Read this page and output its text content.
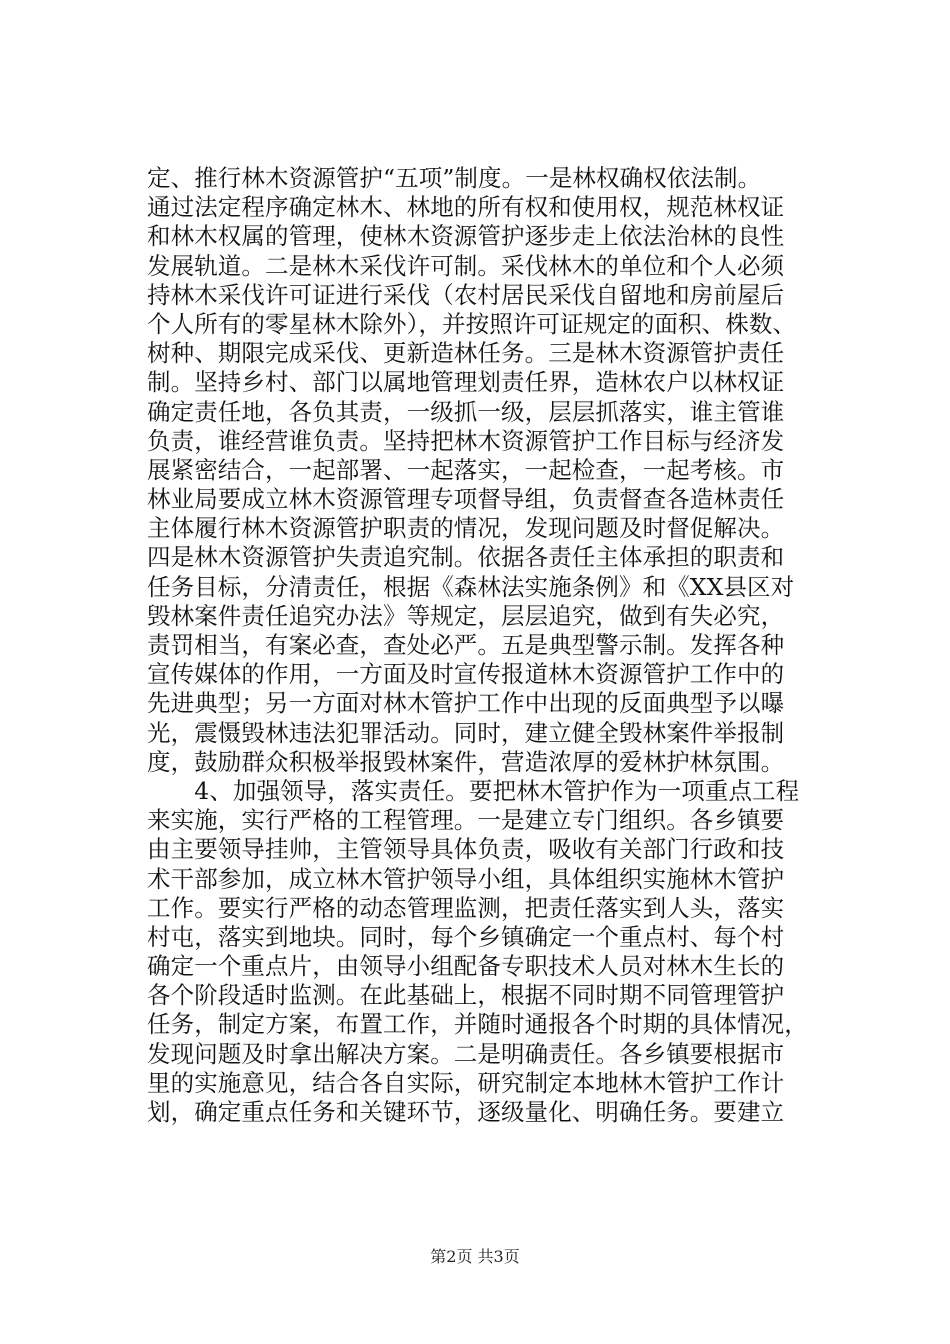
定、推行林木资源管护“五项”制度。一是林权确权依法制。
通过法定程序确定林木、林地的所有权和使用权，规范林权证
和林木权属的管理，使林木资源管护逐步走上依法治林的良性
发展轨道。二是林木采伐许可制。采伐林木的单位和个人必须
持林木采伐许可证进行采伐（农村居民采伐自留地和房前屋后
个人所有的零星林木除外），并按照许可证规定的面积、株数、
树种、期限完成采伐、更新造林任务。三是林木资源管护责任
制。坚持乡村、部门以属地管理划责任界，造林农户以林权证
确定责任地，各负其责，一级抓一级，层层抓落实，谁主管谁
负责，谁经营谁负责。坚持把林木资源管护工作目标与经济发
展紧密结合，一起部署、一起落实，一起检查，一起考核。市
林业局要成立林木资源管理专项督导组，负责督查各造林责任
主体履行林木资源管护职责的情况，发现问题及时督促解决。
四是林木资源管护失责追究制。依据各责任主体承担的职责和
任务目标，分清责任，根据《森林法实施条例》和《XX县区对
毁林案件责任追究办法》等规定，层层追究，做到有失必究，
责罚相当，有案必查，查处必严。五是典型警示制。发挥各种
宣传媒体的作用，一方面及时宣传报道林木资源管护工作中的
先进典型；另一方面对林木管护工作中出现的反面典型予以曝
光，震慑毁林违法犯罪活动。同时，建立健全毁林案件举报制
度，鼓励群众积极举报毁林案件，营造浓厚的爱林护林氛围。
　　4、加强领导，落实责任。要把林木管护作为一项重点工程
来实施，实行严格的工程管理。一是建立专门组织。各乡镇要
由主要领导挂帅，主管领导具体负责，吸收有关部门行政和技
术干部参加，成立林木管护领导小组，具体组织实施林木管护
工作。要实行严格的动态管理监测，把责任落实到人头，落实
村屯，落实到地块。同时，每个乡镇确定一个重点村、每个村
确定一个重点片，由领导小组配备专职技术人员对林木生长的
各个阶段适时监测。在此基础上，根据不同时期不同管理管护
任务，制定方案，布置工作，并随时通报各个时期的具体情况，
发现问题及时拿出解决方案。二是明确责任。各乡镇要根据市
里的实施意见，结合各自实际，研究制定本地林木管护工作计
划，确定重点任务和关键环节，逐级量化、明确任务。要建立
第2页 共3页
